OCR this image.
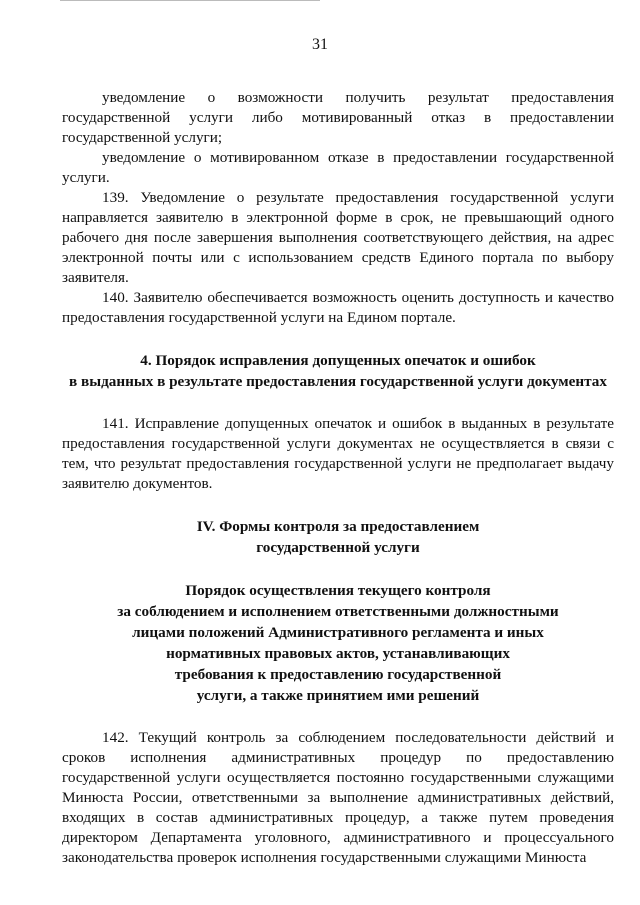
31

уведомление о возможности получить результат предоставления государственной услуги либо мотивированный отказ в предоставлении государственной услуги;

уведомление о мотивированном отказе в предоставлении государственной услуги.

139. Уведомление о результате предоставления государственной услуги направляется заявителю в электронной форме в срок, не превышающий одного рабочего дня после завершения выполнения соответствующего действия, на адрес электронной почты или с использованием средств Единого портала по выбору заявителя.

140. Заявителю обеспечивается возможность оценить доступность и качество предоставления государственной услуги на Едином портале.

4. Порядок исправления допущенных опечаток и ошибок

в выданных в результате предоставления государственной услуги документах

141. Исправление допущенных опечаток и ошибок в выданных в результате предоставления государственной услуги документах не осуществляется в связи с тем, что результат предоставления государственной услуги не предполагает выдачу заявителю документов.

IV. Формы контроля за предоставлением

государственной услуги

Порядок осуществления текущего контроля

за соблюдением и исполнением ответственными должностными

лицами положений Административного регламента и иных

нормативных правовых актов, устанавливающих

требования к предоставлению государственной

услуги, а также принятием ими решений

142. Текущий контроль за соблюдением последовательности действий и сроков исполнения административных процедур по предоставлению государственной услуги осуществляется постоянно государственными служащими Минюста России, ответственными за выполнение административных действий, входящих в состав административных процедур, а также путем проведения директором Департамента уголовного, административного и процессуального законодательства проверок исполнения государственными служащими Минюста
